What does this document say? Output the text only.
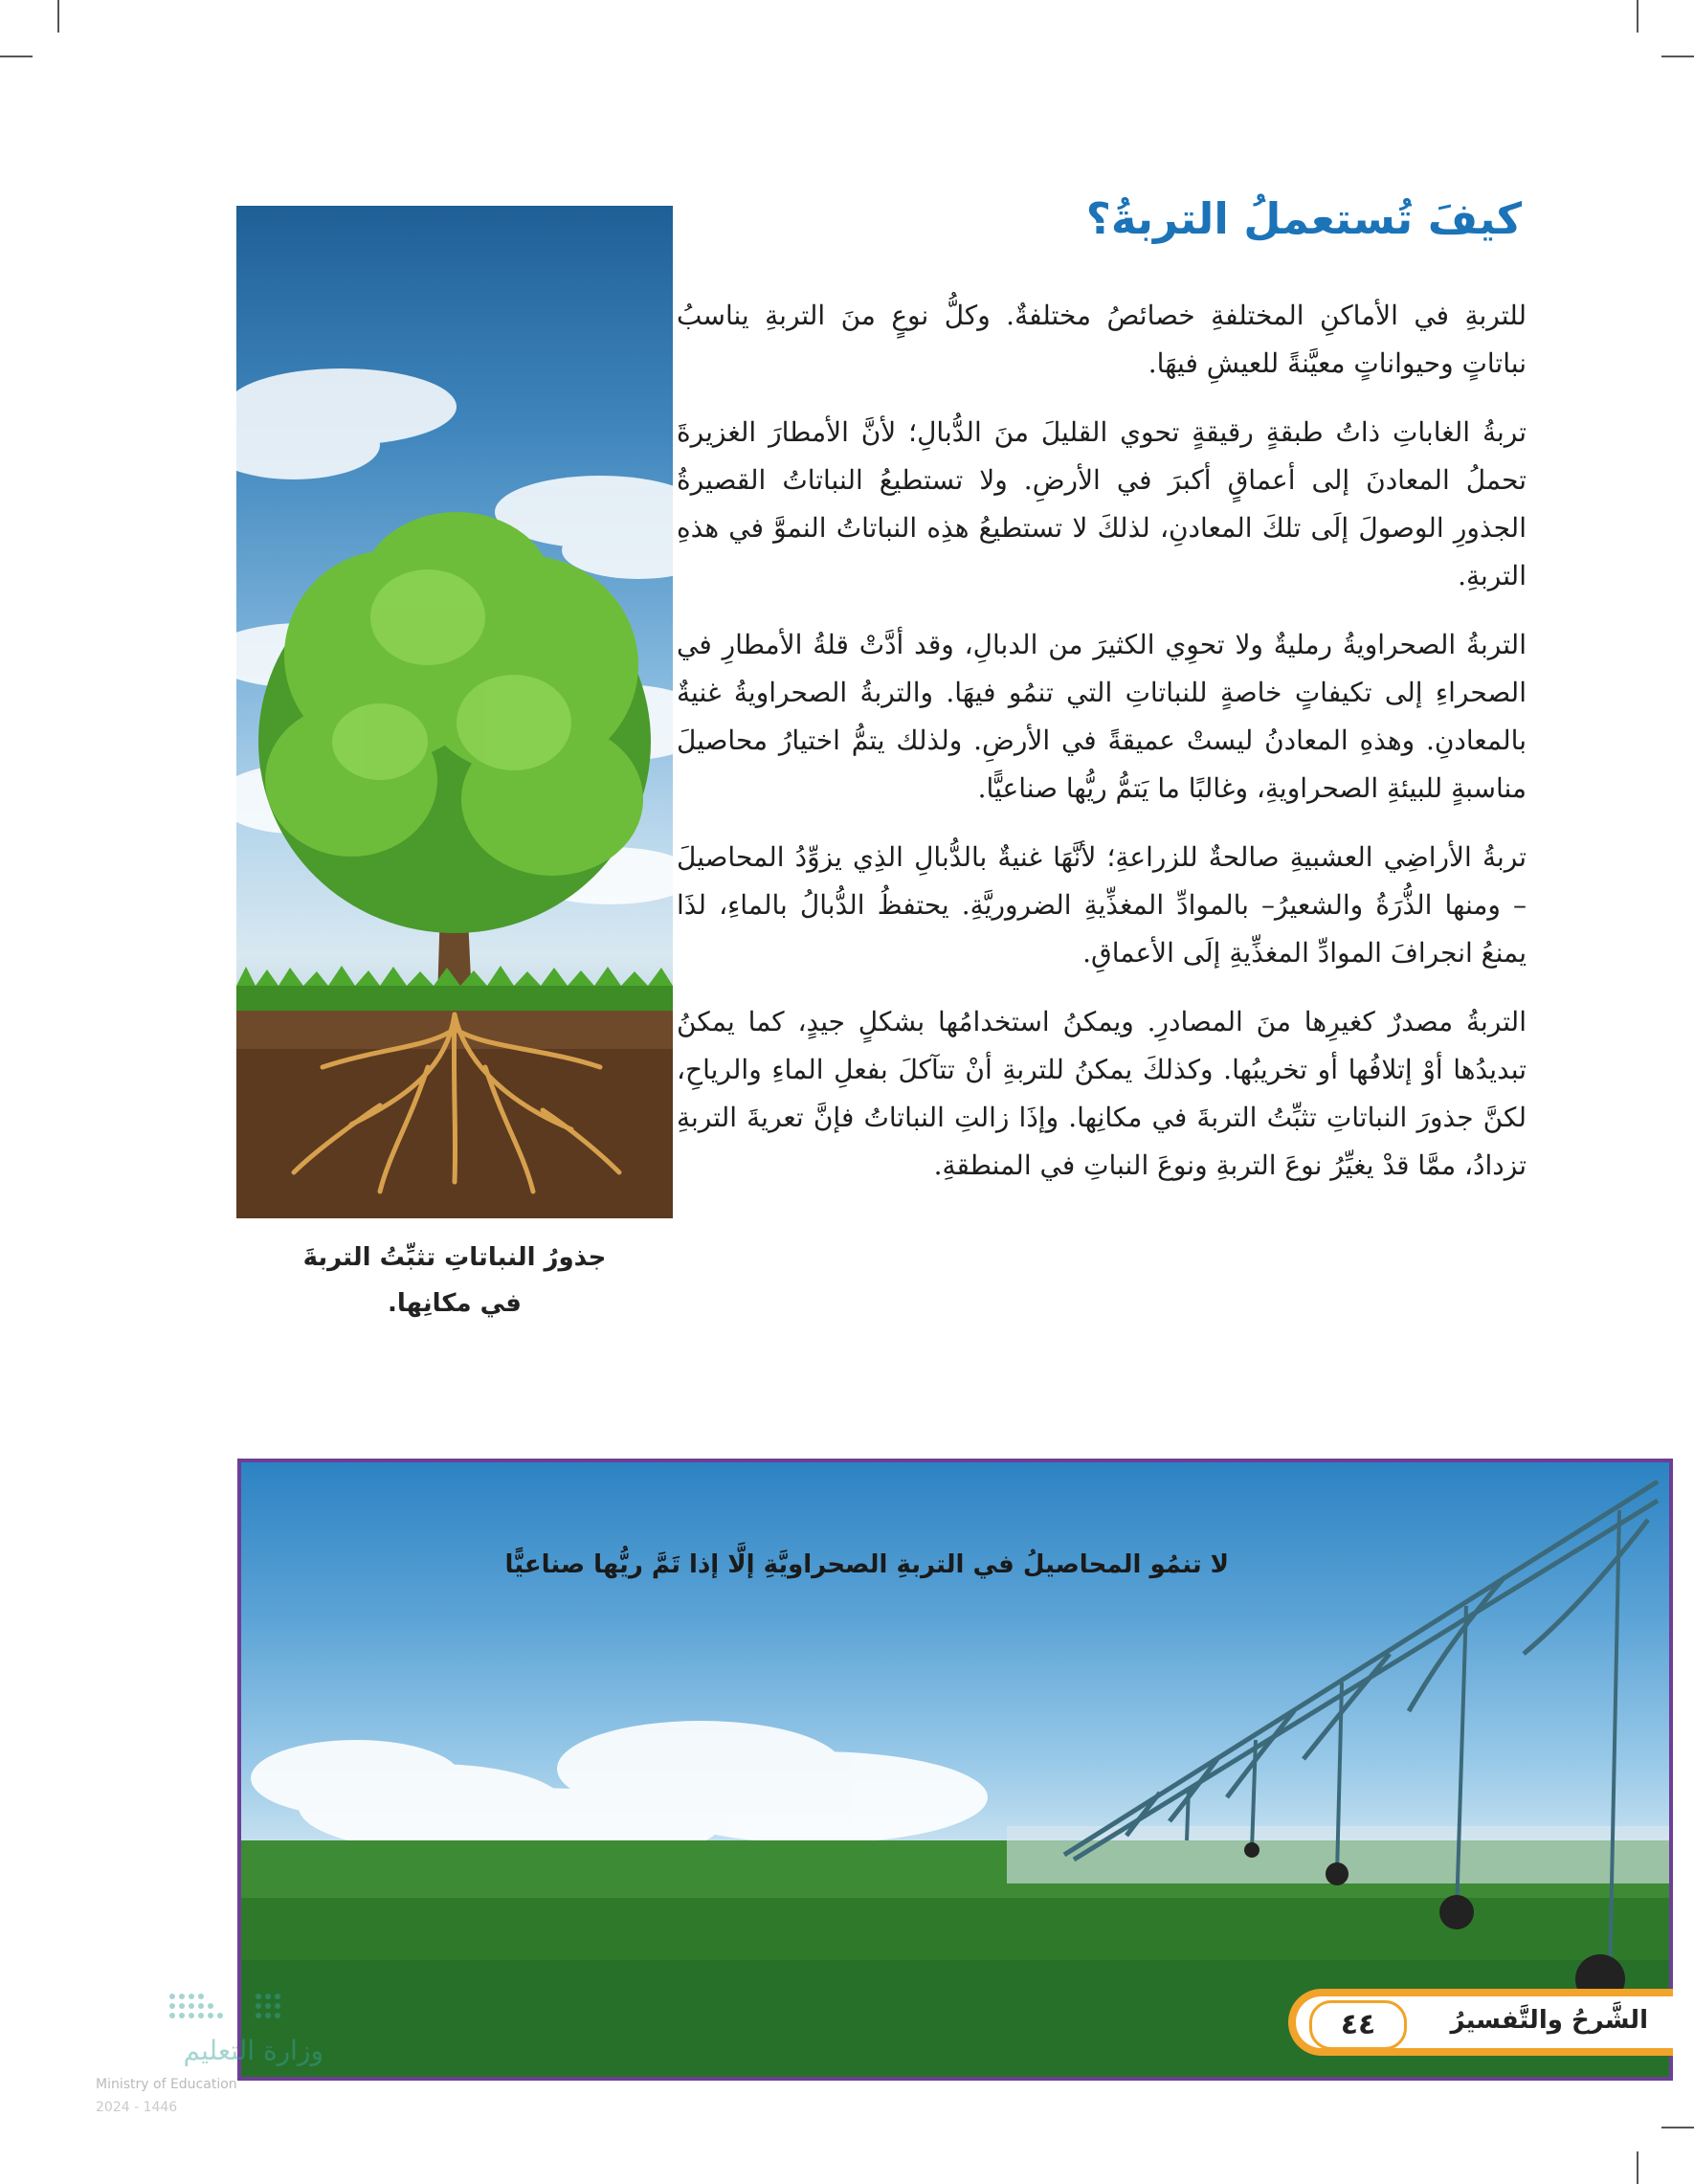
جذورُ النباتاتِ تثبِّتُ التربةَ
في مكانِها.
كيفَ تُستعملُ التربةُ؟

للتربةِ في الأماكنِ المختلفةِ خصائصُ مختلفةٌ. وكلُّ نوعٍ منَ التربةِ يناسبُ نباتاتٍ وحيواناتٍ معيَّنةً للعيشِ فيهَا.

تربةُ الغاباتِ ذاتُ طبقةٍ رقيقةٍ تحوي القليلَ منَ الدُّبالِ؛ لأنَّ الأمطارَ الغزيرةَ تحملُ المعادنَ إلى أعماقٍ أكبرَ في الأرضِ. ولا تستطيعُ النباتاتُ القصيرةُ الجذورِ الوصولَ إلَى تلكَ المعادنِ، لذلكَ لا تستطيعُ هذِه النباتاتُ النموَّ في هذهِ التربةِ.

التربةُ الصحراويةُ رمليةٌ ولا تحوِي الكثيرَ من الدبالِ، وقد أدَّتْ قلةُ الأمطارِ في الصحراءِ إلى تكيفاتٍ خاصةٍ للنباتاتِ التي تنمُو فيهَا. والتربةُ الصحراويةُ غنيةٌ بالمعادنِ. وهذهِ المعادنُ ليستْ عميقةً في الأرضِ. ولذلك يتمُّ اختيارُ محاصيلَ مناسبةٍ للبيئةِ الصحراويةِ، وغالبًا ما يَتمُّ ريُّها صناعيًّا.

تربةُ الأراضِي العشبيةِ صالحةٌ للزراعةِ؛ لأنَّهَا غنيةٌ بالدُّبالِ الذِي يزوِّدُ المحاصيلَ – ومنها الذُّرَةُ والشعيرُ– بالموادِّ المغذِّيةِ الضروريَّةِ. يحتفظُ الدُّبالُ بالماءِ، لذَا يمنعُ انجرافَ الموادِّ المغذِّيةِ إلَى الأعماقِ.

التربةُ مصدرٌ كغيرِها منَ المصادرِ. ويمكنُ استخدامُها بشكلٍ جيدٍ، كما يمكنُ تبديدُها أوْ إتلافُها أو تخريبُها. وكذلكَ يمكنُ للتربةِ أنْ تتآكلَ بفعلِ الماءِ والرياحِ، لكنَّ جذورَ النباتاتِ تثبِّتُ التربةَ في مكانِها. وإذَا زالتِ النباتاتُ فإنَّ تعريةَ التربةِ تزدادُ، ممَّا قدْ يغيِّرُ نوعَ التربةِ ونوعَ النباتِ في المنطقةِ.

لا تنمُو المحاصيلُ في التربةِ الصحراويَّةِ إلَّا إذا تَمَّ ريُّها صناعيًّا
٤٤	الشَّرحُ والتَّفسيرُ
وزارة التعليم
Ministry of Education
2024 - 1446
